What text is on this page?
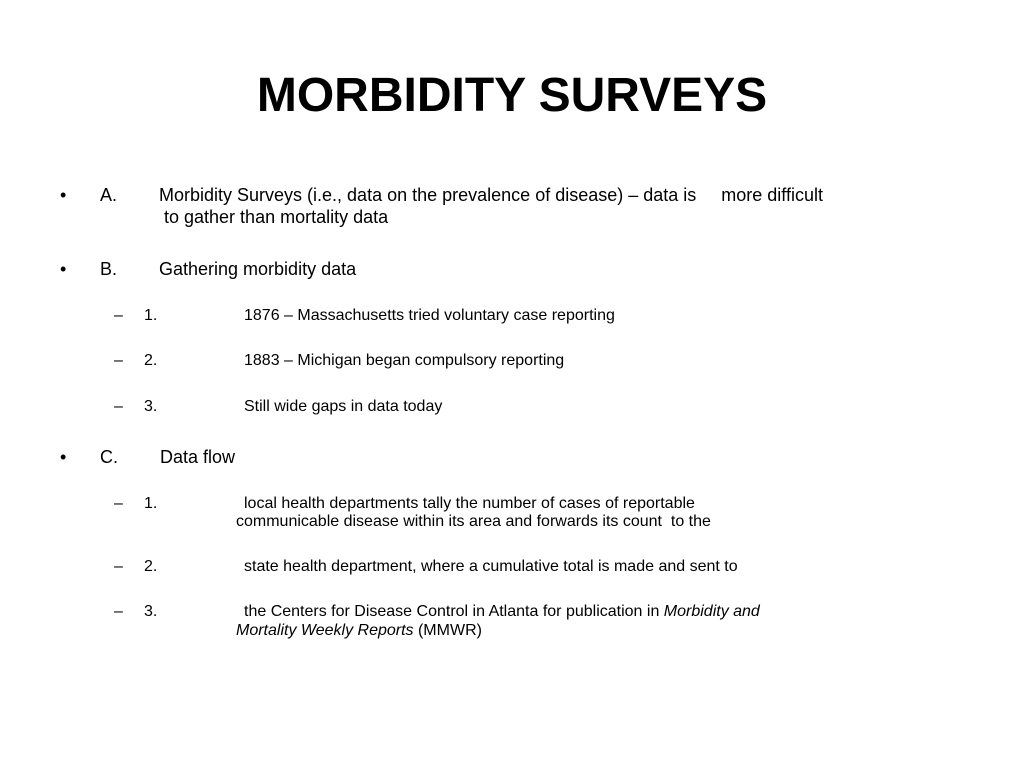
MORBIDITY SURVEYS
• A. Morbidity Surveys (i.e., data on the prevalence of disease) – data is     more difficult
to gather than mortality data
• B. Gathering morbidity data
– 1.	1876 – Massachusetts tried voluntary case reporting
– 2.	1883 – Michigan began compulsory reporting
– 3.	Still wide gaps in data today
• C. Data flow
– 1.	local health departments tally the number of cases of reportable
communicable disease within its area and forwards its count  to the
– 2.	state health department, where a cumulative total is made and sent to
– 3.	the Centers for Disease Control in Atlanta for publication in Morbidity and
Mortality Weekly Reports (MMWR)
